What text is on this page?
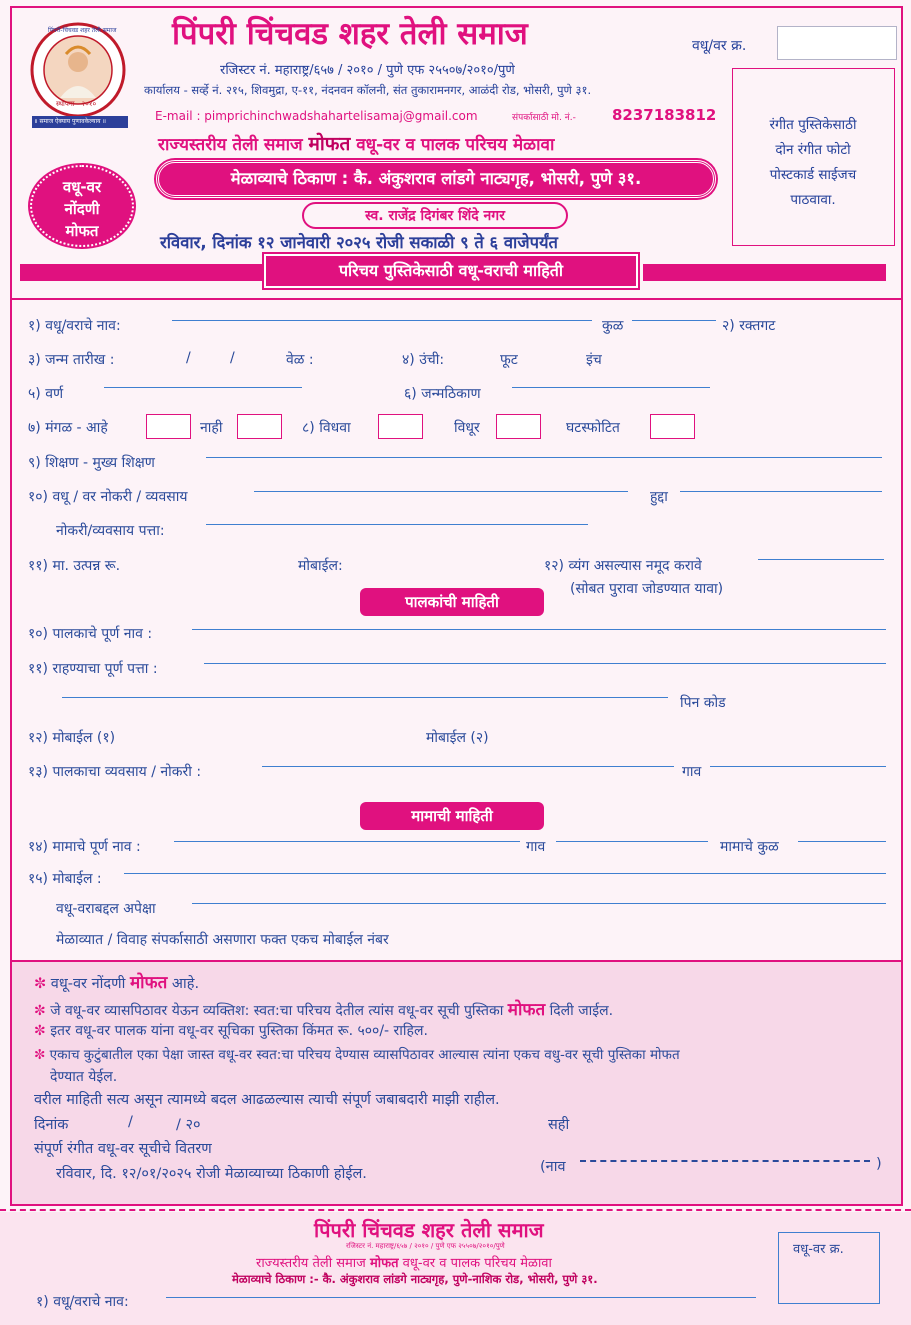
स्थापना - २०१०
॥ समाज ऐक्याय पुणावकेल्याय ॥
पिंपरी-चिंचवड शहर तेली समाज
वधू-वर
नोंदणी
मोफत
पिंपरी चिंचवड शहर तेली समाज	वधू/वर क्र.
रजिस्टर नं. महाराष्ट्र/६५७ / २०१० / पुणे एफ २५५०७/२०१०/पुणे
कार्यालय - सर्व्हे नं. २१५, शिवमुद्रा, ए-११, नंदनवन कॉलनी, संत तुकारामनगर, आळंदी रोड, भोसरी, पुणे ३१.
E-mail : pimprichinchwadshahartelisamaj@gmail.com	संपर्कासाठी मो. नं.- 8237183812
राज्यस्तरीय तेली समाज मोफत वधू-वर व पालक परिचय मेळावा
मेळाव्याचे ठिकाण : कै. अंकुशराव लांडगे नाट्यगृह, भोसरी, पुणे ३१.
स्व. राजेंद्र दिगंबर शिंदे नगर
रविवार, दिनांक १२ जानेवारी २०२५ रोजी सकाळी ९ ते ६ वाजेपर्यंत
रंगीत पुस्तिकेसाठी
दोन रंगीत फोटो
पोस्टकार्ड साईजच
पाठवावा.
परिचय पुस्तिकेसाठी वधू-वराची माहिती
१) वधू/वराचे नाव:	कुळ	२) रक्तगट
३) जन्म तारीख :	/	/	वेळ :	४) उंची:	फूट	इंच
५) वर्ण	६) जन्मठिकाण
७) मंगळ - आहे	नाही	८) विधवा	विधूर	घटस्फोटित
९) शिक्षण - मुख्य शिक्षण
१०) वधू / वर नोकरी / व्यवसाय	हुद्दा
नोकरी/व्यवसाय पत्ता:
११) मा. उत्पन्न रू.	मोबाईल:	१२) व्यंग असल्यास नमूद करावे
(सोबत पुरावा जोडण्यात यावा)
पालकांची माहिती
१०) पालकाचे पूर्ण नाव :
११) राहण्याचा पूर्ण पत्ता :
पिन कोड
१२) मोबाईल (१)	मोबाईल (२)
१३) पालकाचा व्यवसाय / नोकरी :	गाव
मामाची माहिती
१४) मामाचे पूर्ण नाव :	गाव	मामाचे कुळ
१५) मोबाईल :
वधू-वराबद्दल अपेक्षा
मेळाव्यात / विवाह संपर्कासाठी असणारा फक्त एकच मोबाईल नंबर
✼ वधू-वर नोंदणी मोफत आहे.
✼ जे वधू-वर व्यासपिठावर येऊन व्यक्तिश: स्वत:चा परिचय देतील त्यांस वधू-वर सूची पुस्तिका मोफत दिली जाईल.
✼ इतर वधू-वर पालक यांना वधू-वर सूचिका पुस्तिका किंमत रू. ५००/- राहिल.
✼ एकाच कुटुंबातील एका पेक्षा जास्त वधू-वर स्वत:चा परिचय देण्यास व्यासपिठावर आल्यास त्यांना एकच वधु-वर सूची पुस्तिका मोफत
देण्यात येईल.
वरील माहिती सत्य असून त्यामध्ये बदल आढळल्यास त्याची संपूर्ण जबाबदारी माझी राहील.
दिनांक	/	/ २०	सही
संपूर्ण रंगीत वधू-वर सूचीचे वितरण
रविवार, दि. १२/०१/२०२५ रोजी मेळाव्याच्या ठिकाणी होईल.	(नाव	)
पिंपरी चिंचवड शहर तेली समाज
रजिस्टर नं. महाराष्ट्र/६५७ / २०१० / पुणे एफ २५५०७/२०१०/पुणे
राज्यस्तरीय तेली समाज मोफत वधू-वर व पालक परिचय मेळावा
मेळाव्याचे ठिकाण :- कै. अंकुशराव लांडगे नाट्यगृह, पुणे-नाशिक रोड, भोसरी, पुणे ३१.
वधू-वर क्र.
१) वधू/वराचे नाव:
